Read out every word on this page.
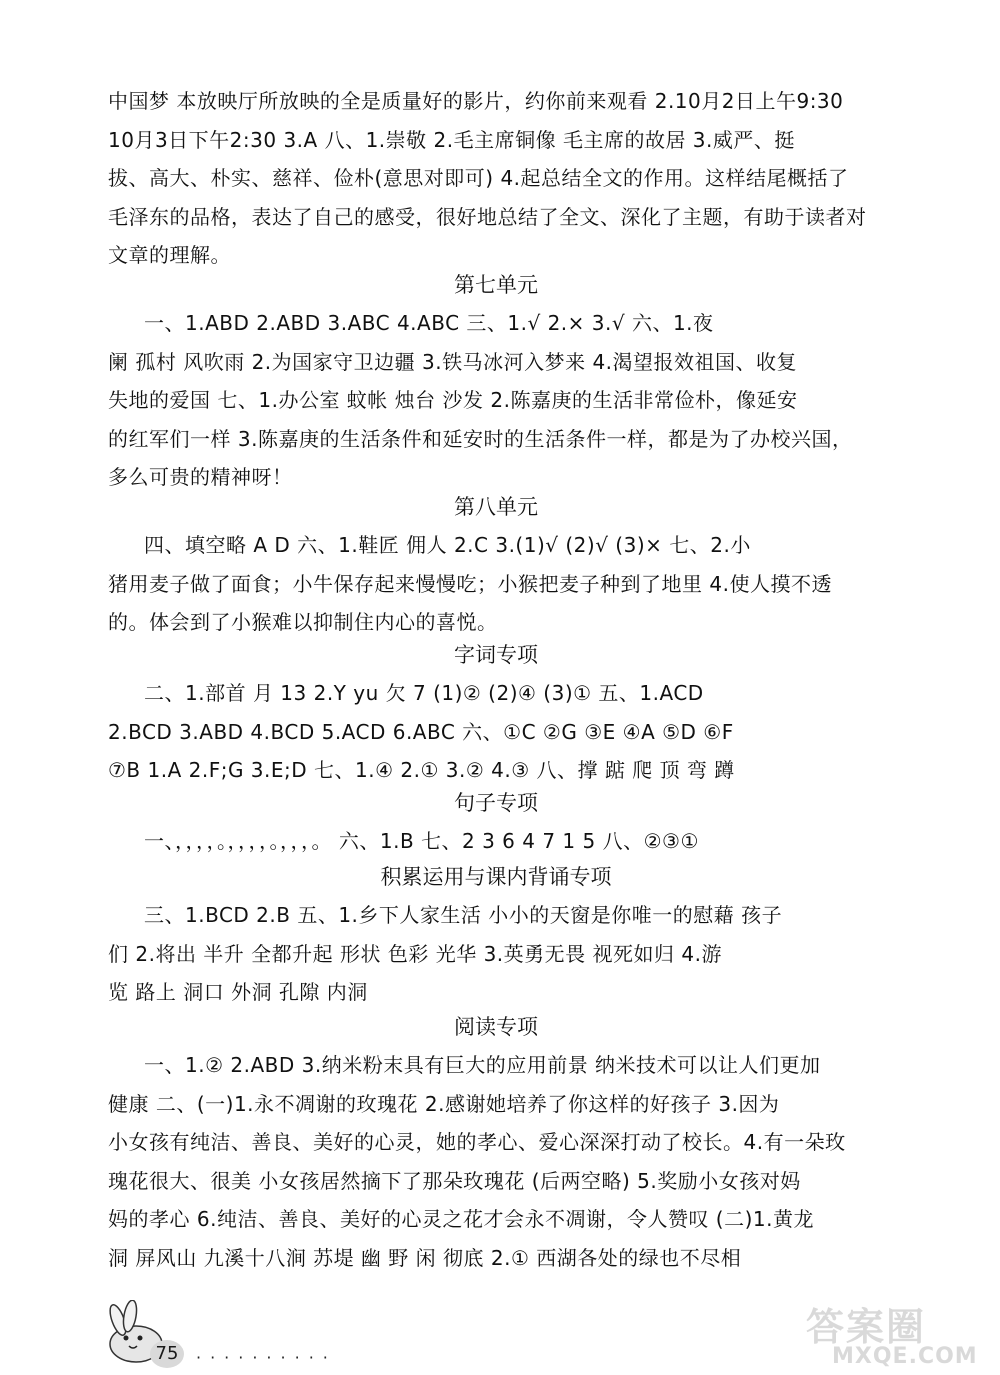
中国梦 本放映厅所放映的全是质量好的影片，约你前来观看 2.10月2日上午9:30
10月3日下午2:30 3.A 八、1.崇敬 2.毛主席铜像 毛主席的故居 3.威严、挺
拔、高大、朴实、慈祥、俭朴(意思对即可) 4.起总结全文的作用。这样结尾概括了
毛泽东的品格，表达了自己的感受，很好地总结了全文、深化了主题，有助于读者对
文章的理解。
第七单元
一、1.ABD 2.ABD 3.ABC 4.ABC 三、1.√ 2.× 3.√ 六、1.夜
阑 孤村 风吹雨 2.为国家守卫边疆 3.铁马冰河入梦来 4.渴望报效祖国、收复
失地的爱国 七、1.办公室 蚊帐 烛台 沙发 2.陈嘉庚的生活非常俭朴，像延安
的红军们一样 3.陈嘉庚的生活条件和延安时的生活条件一样，都是为了办校兴国，
多么可贵的精神呀！
第八单元
四、填空略 A D 六、1.鞋匠 佣人 2.C 3.(1)√ (2)√ (3)× 七、2.小
猪用麦子做了面食；小牛保存起来慢慢吃；小猴把麦子种到了地里 4.使人摸不透
的。体会到了小猴难以抑制住内心的喜悦。
字词专项
二、1.部首 月 13 2.Y yu 欠 7 (1)② (2)④ (3)① 五、1.ACD
2.BCD 3.ABD 4.BCD 5.ACD 6.ABC 六、①C ②G ③E ④A ⑤D ⑥F
⑦B 1.A 2.F;G 3.E;D 七、1.④ 2.① 3.② 4.③ 八、撑 踮 爬 顶 弯 蹲
句子专项
一、，，，，。，，，，。，，，。 六、1.B 七、2 3 6 4 7 1 5 八、②③①
积累运用与课内背诵专项
三、1.BCD 2.B 五、1.乡下人家生活 小小的天窗是你唯一的慰藉 孩子
们 2.将出 半升 全都升起 形状 色彩 光华 3.英勇无畏 视死如归 4.游
览 路上 洞口 外洞 孔隙 内洞
阅读专项
一、1.② 2.ABD 3.纳米粉末具有巨大的应用前景 纳米技术可以让人们更加
健康 二、(一)1.永不凋谢的玫瑰花 2.感谢她培养了你这样的好孩子 3.因为
小女孩有纯洁、善良、美好的心灵，她的孝心、爱心深深打动了校长。4.有一朵玫
瑰花很大、很美 小女孩居然摘下了那朵玫瑰花 (后两空略) 5.奖励小女孩对妈
妈的孝心 6.纯洁、善良、美好的心灵之花才会永不凋谢，令人赞叹 (二)1.黄龙
洞 屏风山 九溪十八涧 苏堤 幽 野 闲 彻底 2.① 西湖各处的绿也不尽相
75	··········
答案圈
MXQE.COM
